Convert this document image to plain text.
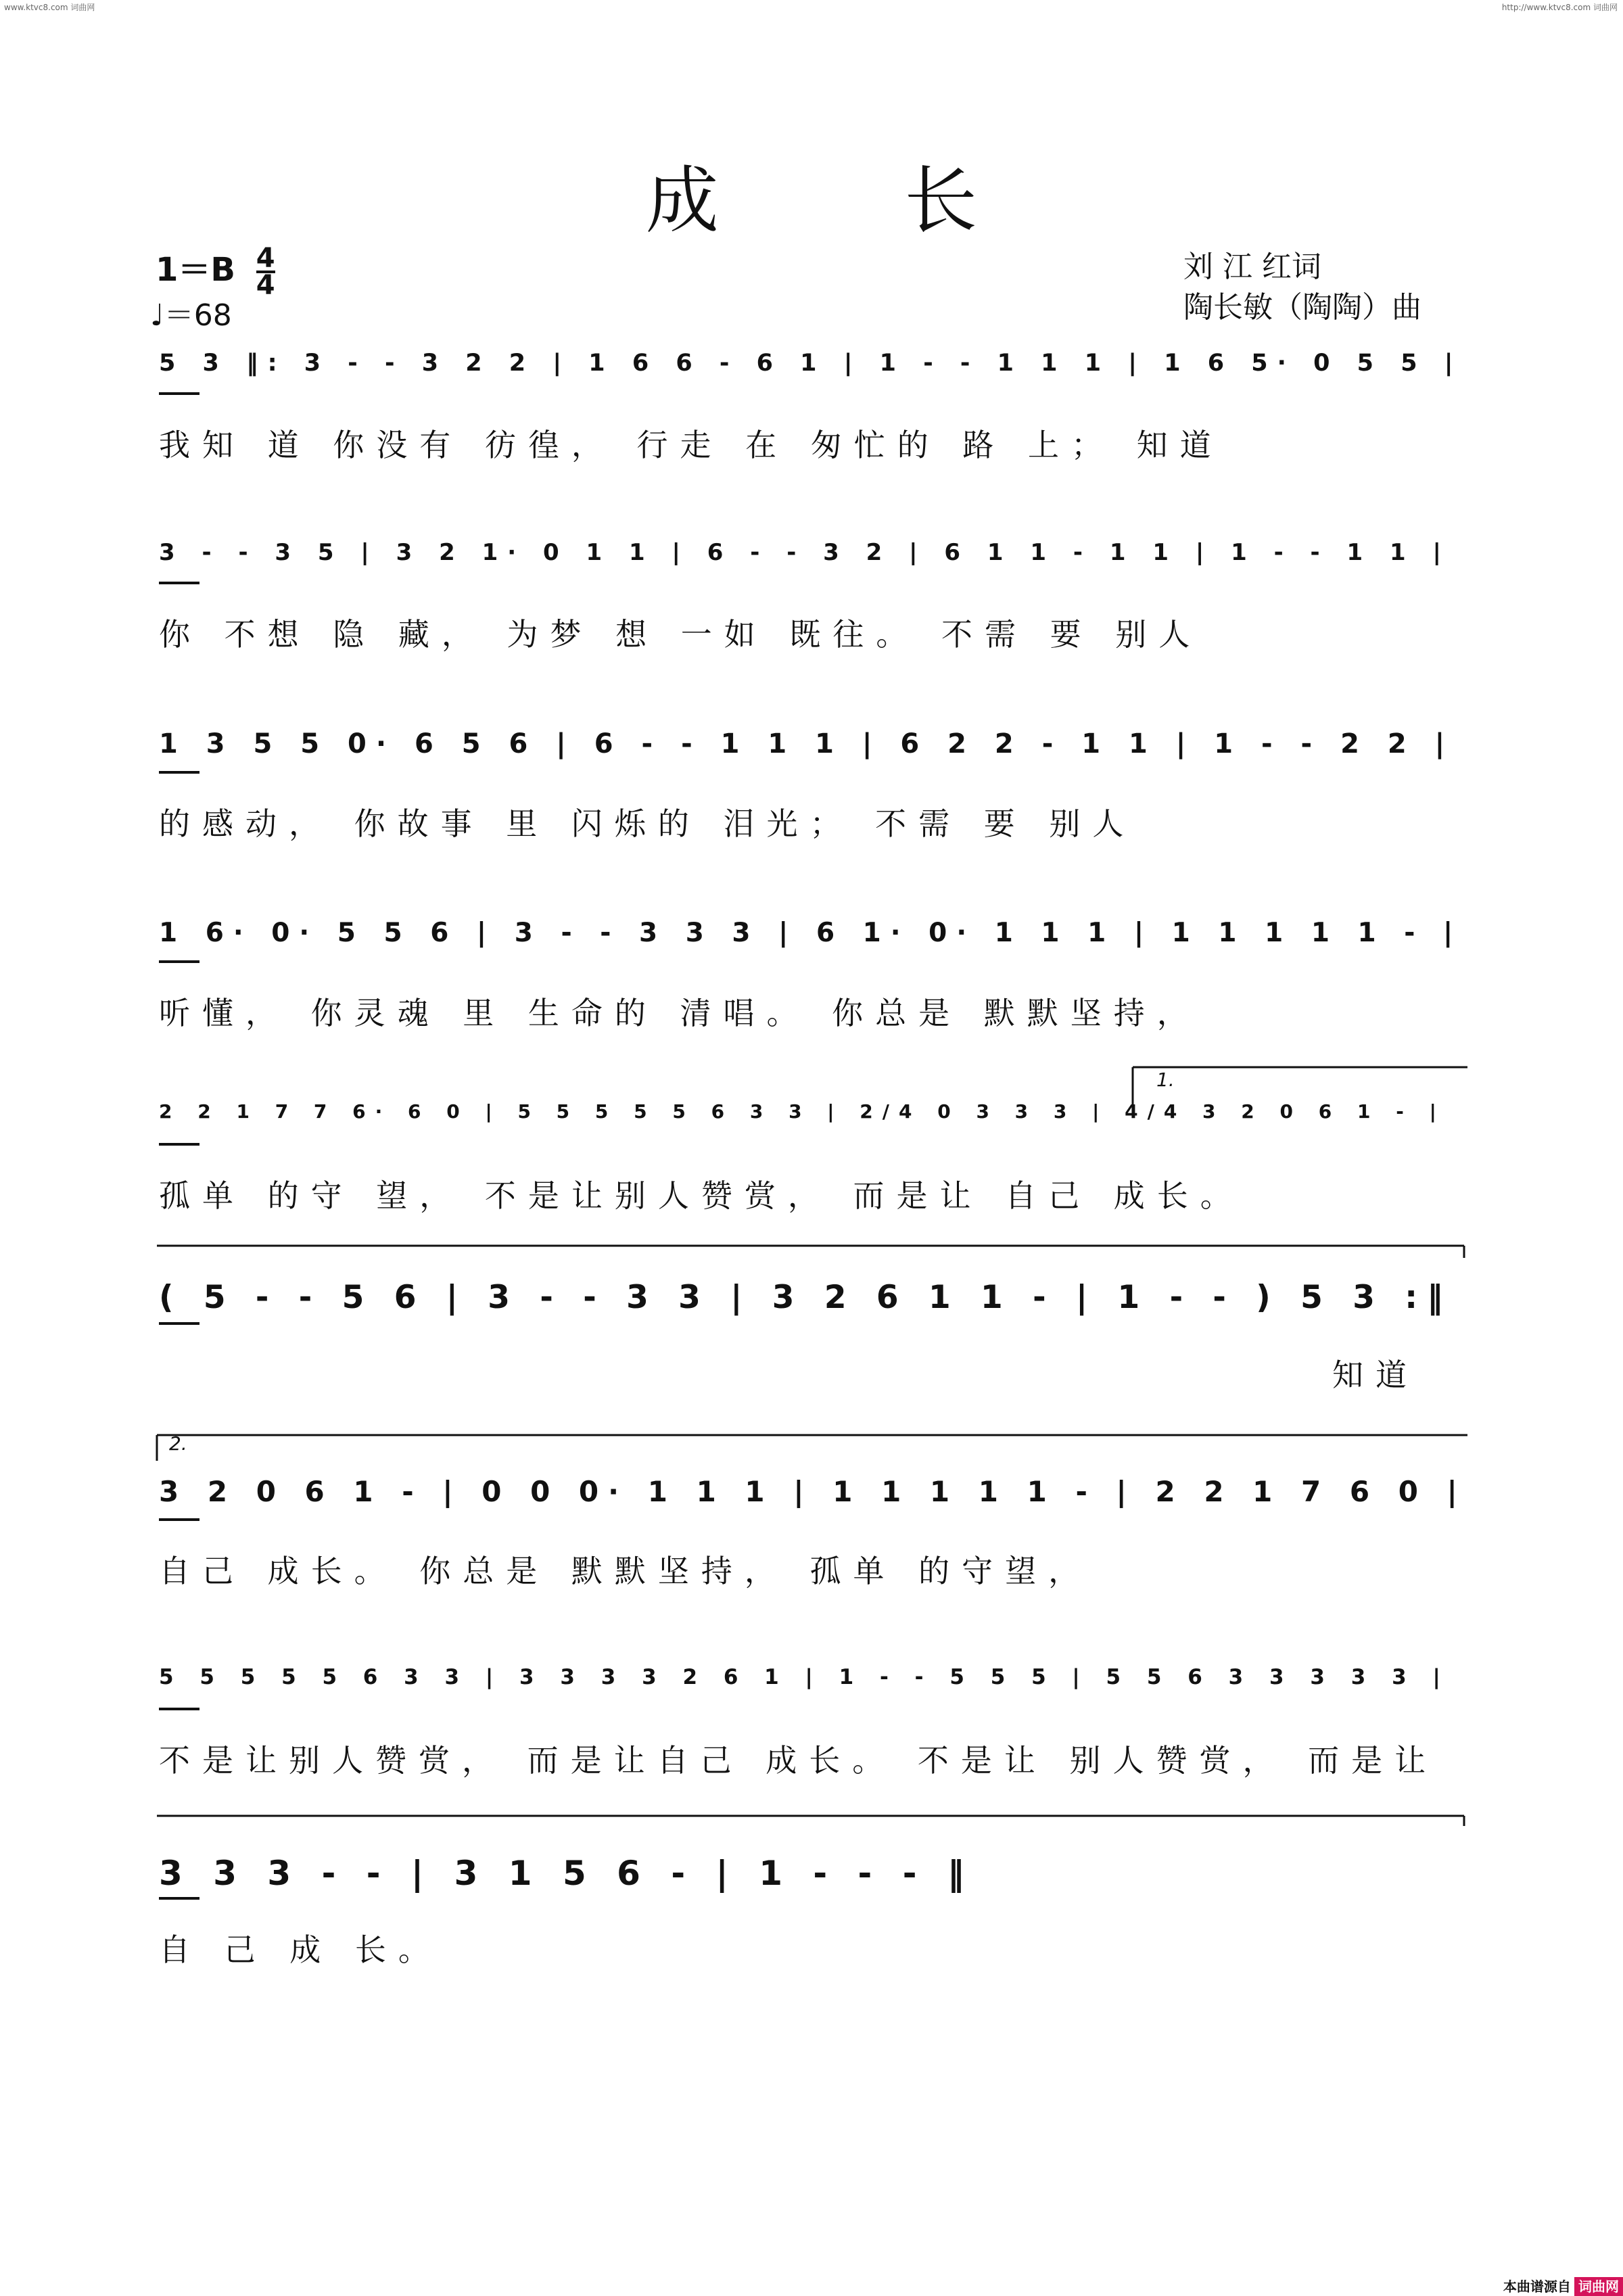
www.ktvc8.com 词曲网	http://www.ktvc8.com 词曲网
成 长
$1=B \frac{4}{4}$
♩＝68
刘 江 红词
陶长敏（陶陶）曲
5 3 ‖: 3 - - 3 2 2 | 1 6 6 - 6 1 | 1 - - 1 1 1 | 1 6 5· 0 5 5 |
我知 道 你没有 彷徨， 行走 在 匆忙的 路 上； 知道
3 - - 3 5 | 3 2 1· 0 1 1 | 6 - - 3 2 | 6 1 1 - 1 1 | 1 - - 1 1 |
你 不想 隐 藏， 为梦 想 一如 既往。 不需 要 别人
1 3 5 5 0· 6 5 6 | 6 - - 1 1 1 | 6 2 2 - 1 1 | 1 - - 2 2 |
的感动， 你故事 里 闪烁的 泪光； 不需 要 别人
1 6· 0· 5 5 6 | 3 - - 3 3 3 | 6 1· 0· 1 1 1 | 1 1 1 1 1 - |
听懂， 你灵魂 里 生命的 清唱。 你总是 默默坚持，
2 2 1 7 7 6· 6 0 | 5 5 5 5 5 6 3 3 | 2/4 0 3 3 3 | 4/4 3 2 0 6 1 - |
孤单 的守 望， 不是让别人赞赏， 而是让 自己 成长。
( 5 - - 5 6 | 3 - - 3 3 | 3 2 6 1 1 - | 1 - - ) 5 3 :‖
知道
3 2 0 6 1 - | 0 0 0· 1 1 1 | 1 1 1 1 1 - | 2 2 1 7 6 0 |
自己 成长。 你总是 默默坚持， 孤单 的守望，
5 5 5 5 5 6 3 3 | 3 3 3 3 2 6 1 | 1 - - 5 5 5 | 5 5 6 3 3 3 3 3 |
不是让别人赞赏， 而是让自己 成长。 不是让 别人赞赏， 而是让
3 3 3 - - | 3 1 5 6 - | 1 - - - ‖
自 己 成 长。
1.
2.
本曲谱源自 词曲网
